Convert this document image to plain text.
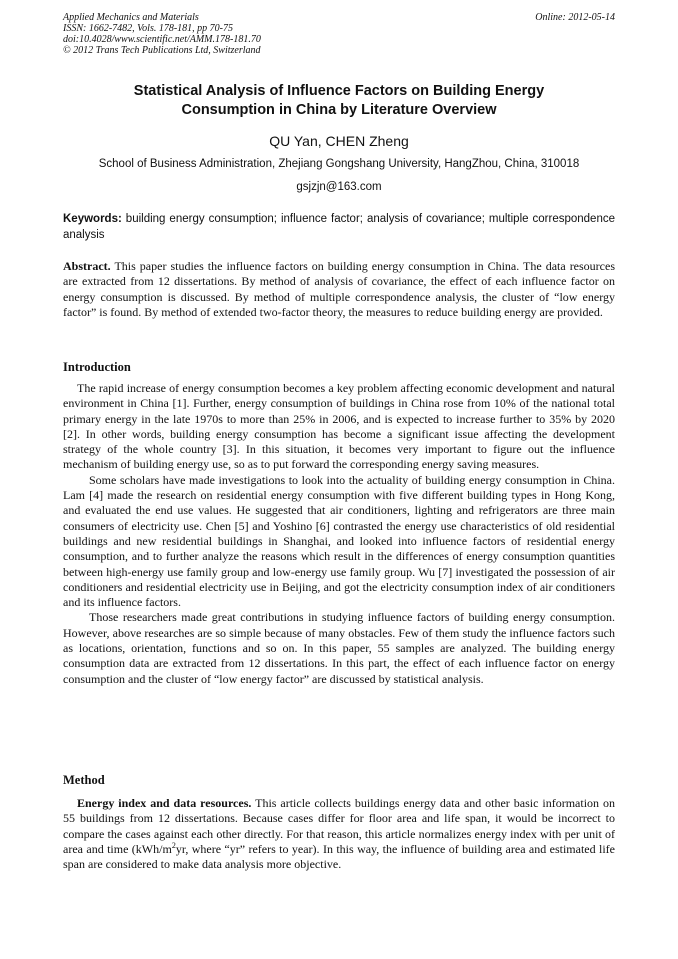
Applied Mechanics and Materials
ISSN: 1662-7482, Vols. 178-181, pp 70-75
doi:10.4028/www.scientific.net/AMM.178-181.70
© 2012 Trans Tech Publications Ltd, Switzerland
Online: 2012-05-14
Statistical Analysis of Influence Factors on Building Energy
Consumption in China by Literature Overview
QU Yan, CHEN Zheng
School of Business Administration, Zhejiang Gongshang University, HangZhou, China, 310018
gsjzjn@163.com
Keywords: building energy consumption; influence factor; analysis of covariance; multiple correspondence analysis
Abstract. This paper studies the influence factors on building energy consumption in China. The data resources are extracted from 12 dissertations. By method of analysis of covariance, the effect of each influence factor on energy consumption is discussed. By method of multiple correspondence analysis, the cluster of “low energy factor” is found. By method of extended two-factor theory, the measures to reduce building energy are provided.
Introduction

The rapid increase of energy consumption becomes a key problem affecting economic development and natural environment in China [1]. Further, energy consumption of buildings in China rose from 10% of the national total primary energy in the late 1970s to more than 25% in 2006, and is expected to increase further to 35% by 2020 [2]. In other words, building energy consumption has become a significant issue affecting the development strategy of the whole country [3]. In this situation, it becomes very important to figure out the influence mechanism of building energy use, so as to put forward the corresponding energy saving measures.

Some scholars have made investigations to look into the actuality of building energy consumption in China. Lam [4] made the research on residential energy consumption with five different building types in Hong Kong, and evaluated the end use values. He suggested that air conditioners, lighting and refrigerators are three main consumers of electricity use. Chen [5] and Yoshino [6] contrasted the energy use characteristics of old residential buildings and new residential buildings in Shanghai, and looked into influence factors of residential energy consumption, and to further analyze the reasons which result in the differences of energy consumption quantities between high-energy use family group and low-energy use family group. Wu [7] investigated the possession of air conditioners and residential electricity use in Beijing, and got the electricity consumption index of air conditioners and its influence factors.

Those researchers made great contributions in studying influence factors of building energy consumption. However, above researches are so simple because of many obstacles. Few of them study the influence factors such as locations, orientation, functions and so on. In this paper, 55 samples are analyzed. The building energy consumption data are extracted from 12 dissertations. In this part, the effect of each influence factor on energy consumption and the cluster of “low energy factor” are discussed by statistical analysis.

Method

Energy index and data resources. This article collects buildings energy data and other basic information on 55 buildings from 12 dissertations. Because cases differ for floor area and life span, it would be incorrect to compare the cases against each other directly. For that reason, this article normalizes energy index with per unit of area and time ($kWh/m^2yr$, where “yr” refers to year). In this way, the influence of building area and estimated life span are considered to make data analysis more objective.
